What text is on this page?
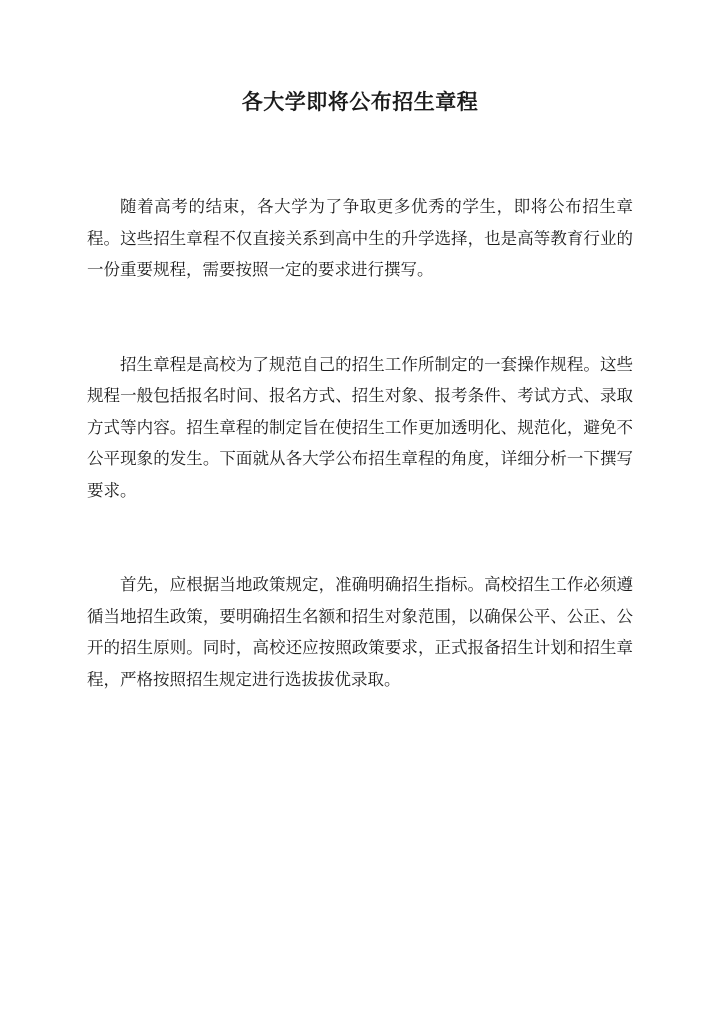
各大学即将公布招生章程

随着高考的结束，各大学为了争取更多优秀的学生，即将公布招生章程。这些招生章程不仅直接关系到高中生的升学选择，也是高等教育行业的一份重要规程，需要按照一定的要求进行撰写。

招生章程是高校为了规范自己的招生工作所制定的一套操作规程。这些规程一般包括报名时间、报名方式、招生对象、报考条件、考试方式、录取方式等内容。招生章程的制定旨在使招生工作更加透明化、规范化，避免不公平现象的发生。下面就从各大学公布招生章程的角度，详细分析一下撰写要求。

首先，应根据当地政策规定，准确明确招生指标。高校招生工作必须遵循当地招生政策，要明确招生名额和招生对象范围，以确保公平、公正、公开的招生原则。同时，高校还应按照政策要求，正式报备招生计划和招生章程，严格按照招生规定进行选拔拔优录取。
